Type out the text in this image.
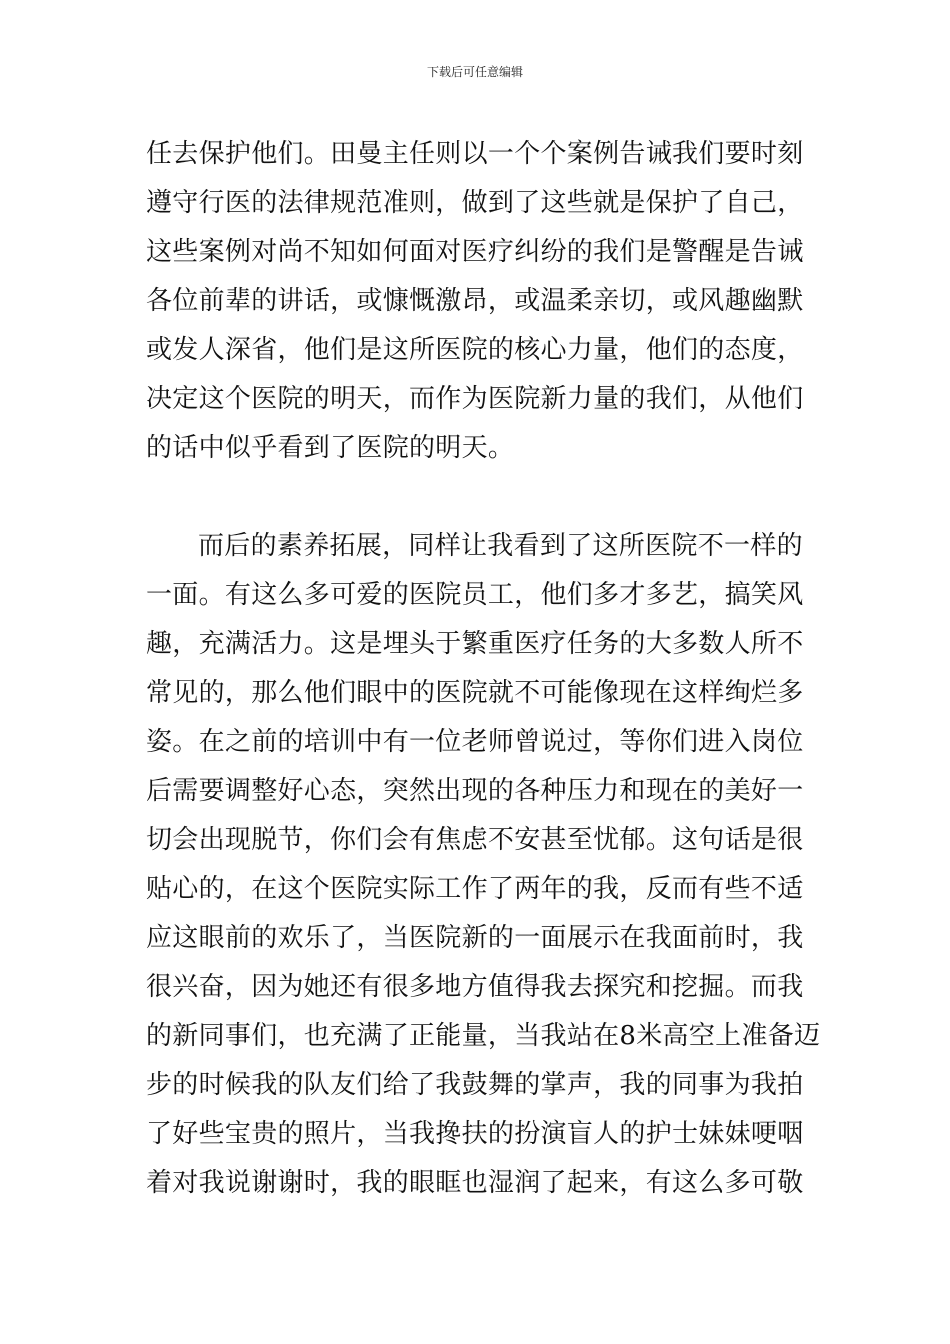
下载后可任意编辑
任去保护他们。田曼主任则以一个个案例告诫我们要时刻
遵守行医的法律规范准则，做到了这些就是保护了自己，
这些案例对尚不知如何面对医疗纠纷的我们是警醒是告诫
各位前辈的讲话，或慷慨激昂，或温柔亲切，或风趣幽默
或发人深省，他们是这所医院的核心力量，他们的态度，
决定这个医院的明天，而作为医院新力量的我们，从他们
的话中似乎看到了医院的明天。
而后的素养拓展，同样让我看到了这所医院不一样的
一面。有这么多可爱的医院员工，他们多才多艺，搞笑风
趣，充满活力。这是埋头于繁重医疗任务的大多数人所不
常见的，那么他们眼中的医院就不可能像现在这样绚烂多
姿。在之前的培训中有一位老师曾说过，等你们进入岗位
后需要调整好心态，突然出现的各种压力和现在的美好一
切会出现脱节，你们会有焦虑不安甚至忧郁。这句话是很
贴心的，在这个医院实际工作了两年的我，反而有些不适
应这眼前的欢乐了，当医院新的一面展示在我面前时，我
很兴奋，因为她还有很多地方值得我去探究和挖掘。而我
的新同事们，也充满了正能量，当我站在8米高空上准备迈
步的时候我的队友们给了我鼓舞的掌声，我的同事为我拍
了好些宝贵的照片，当我搀扶的扮演盲人的护士妹妹哽咽
着对我说谢谢时，我的眼眶也湿润了起来，有这么多可敬
